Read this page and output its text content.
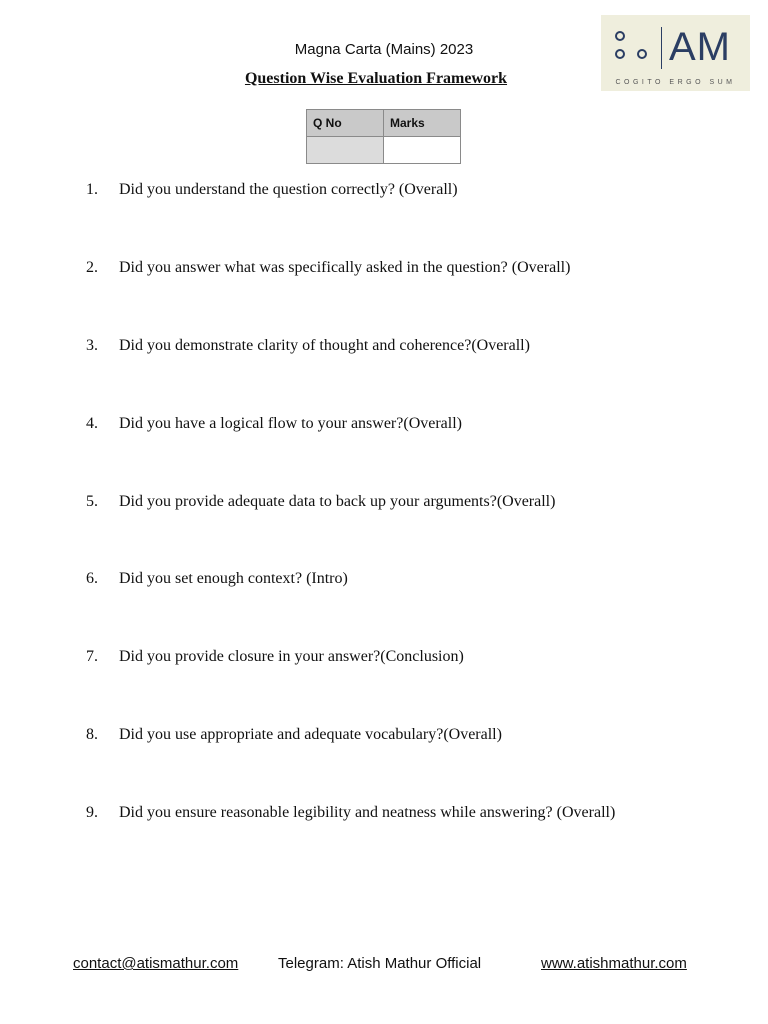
Magna Carta (Mains) 2023
Question Wise Evaluation Framework
AM
COGITO ERGO SUM
Q No	Marks

1. Did you understand the question correctly? (Overall)
2. Did you answer what was specifically asked in the question? (Overall)
3. Did you demonstrate clarity of thought and coherence?(Overall)
4. Did you have a logical flow to your answer?(Overall)
5. Did you provide adequate data to back up your arguments?(Overall)
6. Did you set enough context? (Intro)
7. Did you provide closure in your answer?(Conclusion)
8. Did you use appropriate and adequate vocabulary?(Overall)
9. Did you ensure reasonable legibility and neatness while answering? (Overall)
contact@atismathur.com	Telegram: Atish Mathur Official	www.atishmathur.com
